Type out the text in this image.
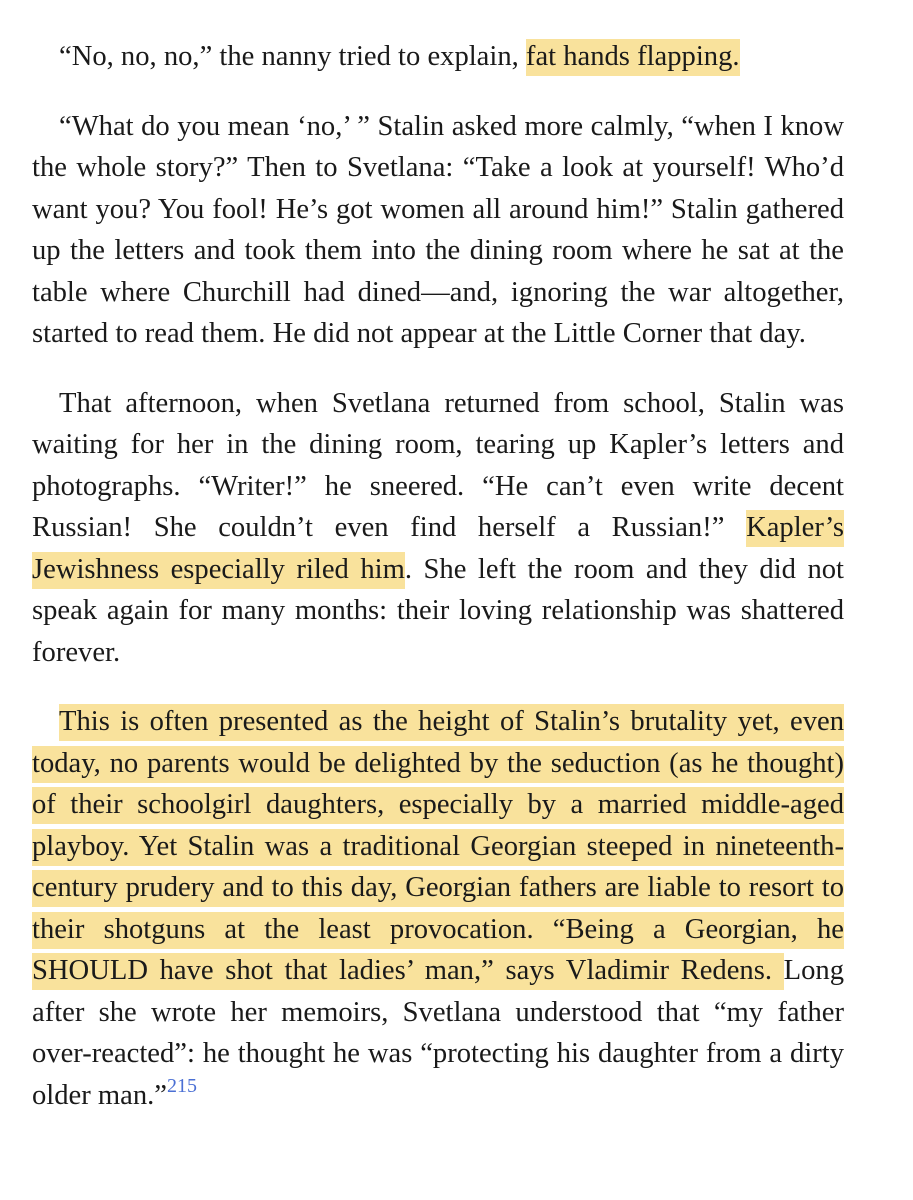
“No, no, no,” the nanny tried to explain, fat hands flapping.

“What do you mean ‘no,’ ” Stalin asked more calmly, “when I know the whole story?” Then to Svetlana: “Take a look at yourself! Who’d want you? You fool! He’s got women all around him!” Stalin gathered up the letters and took them into the dining room where he sat at the table where Churchill had dined—and, ignoring the war altogether, started to read them. He did not appear at the Little Corner that day.

That afternoon, when Svetlana returned from school, Stalin was waiting for her in the dining room, tearing up Kapler’s letters and photographs. “Writer!” he sneered. “He can’t even write decent Russian! She couldn’t even find herself a Russian!” Kapler’s Jewishness especially riled him. She left the room and they did not speak again for many months: their loving relationship was shattered forever.

This is often presented as the height of Stalin’s brutality yet, even today, no parents would be delighted by the seduction (as he thought) of their schoolgirl daughters, especially by a married middle-aged playboy. Yet Stalin was a traditional Georgian steeped in nineteenth-century prudery and to this day, Georgian fathers are liable to resort to their shotguns at the least provocation. “Being a Georgian, he SHOULD have shot that ladies’ man,” says Vladimir Redens. Long after she wrote her memoirs, Svetlana understood that “my father over-reacted”: he thought he was “protecting his daughter from a dirty older man.”$^{215}$
